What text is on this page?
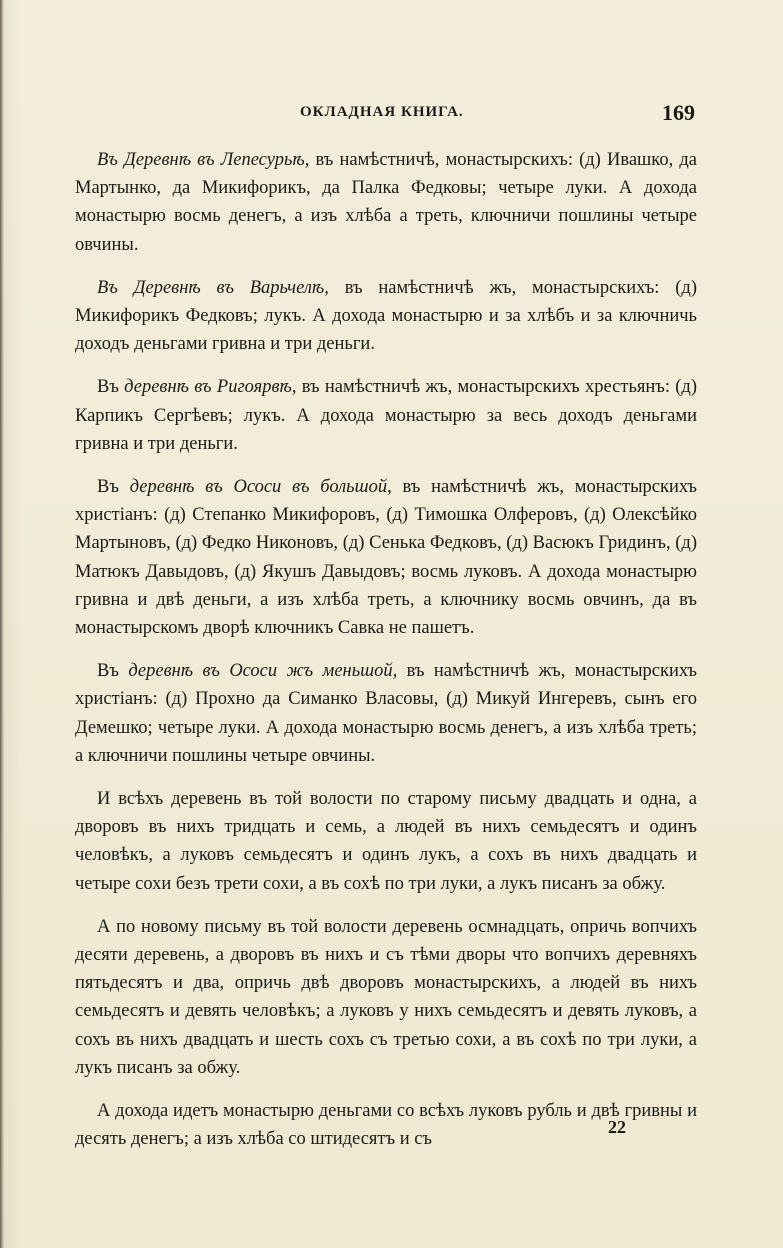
ОКЛАДНАЯ КНИГА.	169

Въ Деревнѣ въ Лепесурьѣ, въ намѣстничѣ, монастырскихъ: (д) Ивашко, да Мартынко, да Микифорикъ, да Палка Федковы; четыре луки. А дохода монастырю восмь денегъ, а изъ хлѣба а треть, ключничи пошлины четыре овчины.

Въ Деревнѣ въ Варьчелѣ, въ намѣстничѣ жъ, монастырскихъ: (д) Микифорикъ Федковъ; лукъ. А дохода монастырю и за хлѣбъ и за ключничь доходъ деньгами гривна и три деньги.

Въ деревнѣ въ Ригоярвѣ, въ намѣстничѣ жъ, монастырскихъ хрестьянъ: (д) Карпикъ Сергѣевъ; лукъ. А дохода монастырю за весь доходъ деньгами гривна и три деньги.

Въ деревнѣ въ Ососи въ большой, въ намѣстничѣ жъ, монастырскихъ христіанъ: (д) Степанко Микифоровъ, (д) Тимошка Олферовъ, (д) Олексѣйко Мартыновъ, (д) Федко Никоновъ, (д) Сенька Федковъ, (д) Васюкъ Гридинъ, (д) Матюкъ Давыдовъ, (д) Якушъ Давыдовъ; восмь луковъ. А дохода монастырю гривна и двѣ деньги, а изъ хлѣба треть, а ключнику восмь овчинъ, да въ монастырскомъ дворѣ ключникъ Савка не пашетъ.

Въ деревнѣ въ Ососи жъ меньшой, въ намѣстничѣ жъ, монастырскихъ христіанъ: (д) Прохно да Симанко Власовы, (д) Микуй Ингеревъ, сынъ его Демешко; четыре луки. А дохода монастырю восмь денегъ, а изъ хлѣба треть; а ключничи пошлины четыре овчины.

И всѣхъ деревень въ той волости по старому письму двадцать и одна, а дворовъ въ нихъ тридцать и семь, а людей въ нихъ семьдесятъ и одинъ человѣкъ, а луковъ семьдесятъ и одинъ лукъ, а сохъ въ нихъ двадцать и четыре сохи безъ трети сохи, а въ сохѣ по три луки, а лукъ писанъ за обжу.

А по новому письму въ той волости деревень осмнадцать, опричь вопчихъ десяти деревень, а дворовъ въ нихъ и съ тѣми дворы что вопчихъ деревняхъ пятьдесятъ и два, опричь двѣ дворовъ монастырскихъ, а людей въ нихъ семьдесятъ и девять человѣкъ; а луковъ у нихъ семьдесятъ и девять луковъ, а сохъ въ нихъ двадцать и шесть сохъ съ третью сохи, а въ сохѣ по три луки, а лукъ писанъ за обжу.

А дохода идетъ монастырю деньгами со всѣхъ луковъ рубль и двѣ гривны и десять денегъ; а изъ хлѣба со штидесятъ и съ

22
